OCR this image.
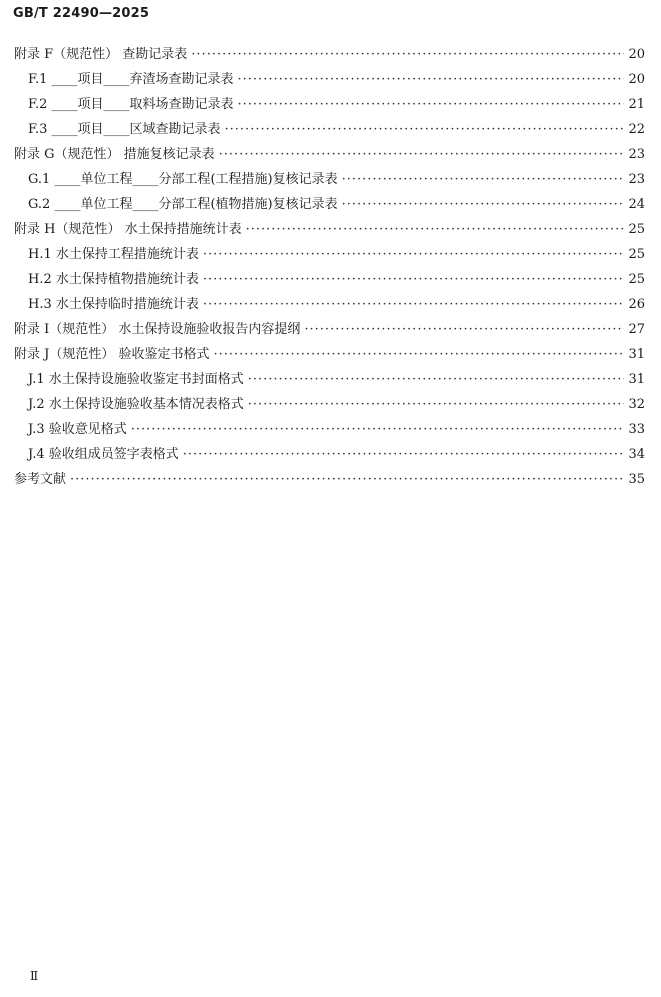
GB/T 22490—2025
附录 F（规范性） 查勘记录表 ·····	20
F.1 ____项目____弃渣场查勘记录表 ·····	20
F.2 ____项目____取料场查勘记录表 ·····	21
F.3 ____项目____区域查勘记录表 ·····	22
附录 G（规范性） 措施复核记录表 ·····	23
G.1 ____单位工程____分部工程(工程措施)复核记录表 ·····	23
G.2 ____单位工程____分部工程(植物措施)复核记录表 ·····	24
附录 H（规范性） 水土保持措施统计表 ·····	25
H.1 水土保持工程措施统计表 ·····	25
H.2 水土保持植物措施统计表 ·····	25
H.3 水土保持临时措施统计表 ·····	26
附录 I（规范性） 水土保持设施验收报告内容提纲 ·····	27
附录 J（规范性） 验收鉴定书格式 ·····	31
J.1 水土保持设施验收鉴定书封面格式 ·····	31
J.2 水土保持设施验收基本情况表格式 ·····	32
J.3 验收意见格式 ·····	33
J.4 验收组成员签字表格式 ·····	34
参考文献 ·····	35
Ⅱ
